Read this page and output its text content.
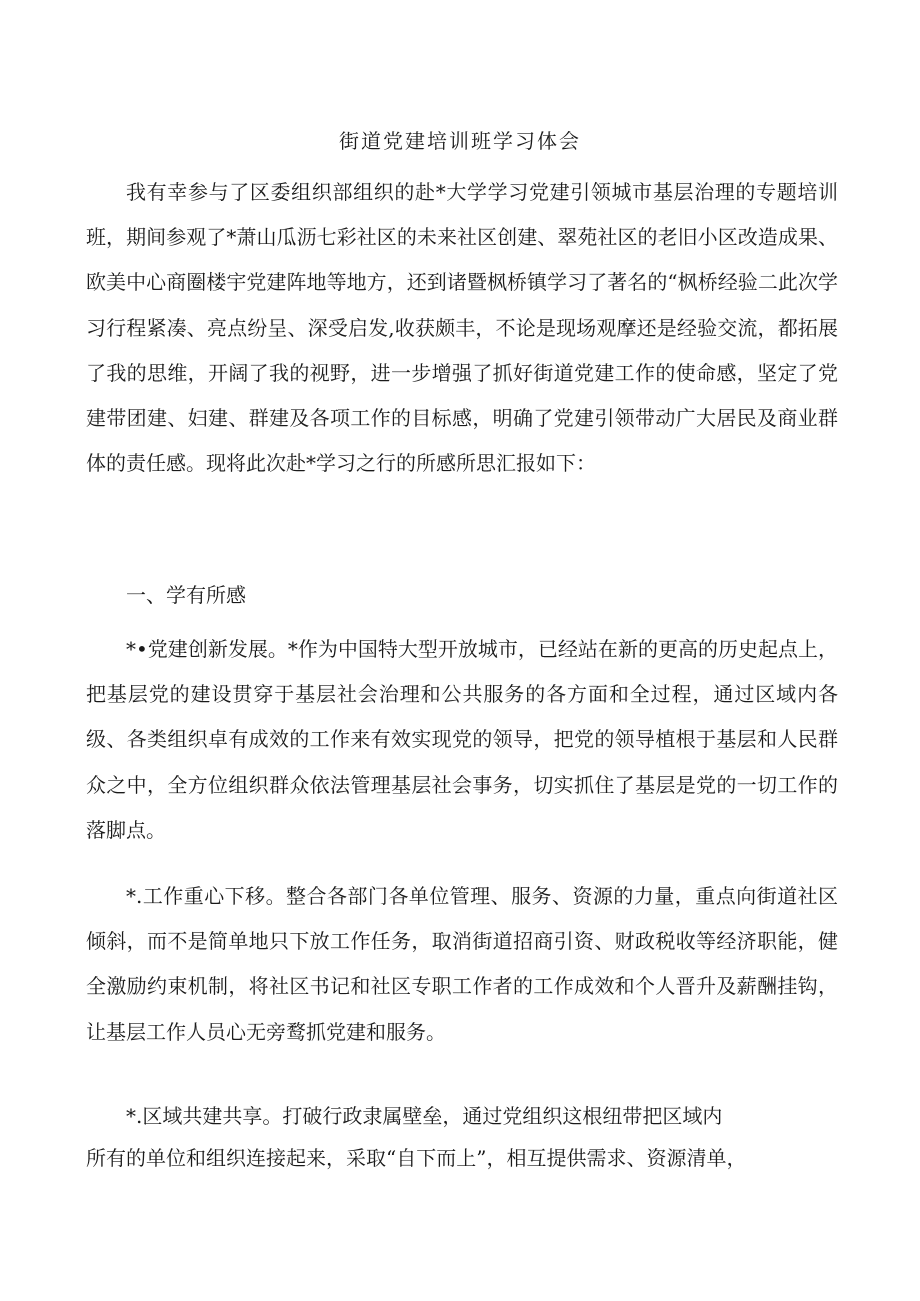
街道党建培训班学习体会

我有幸参与了区委组织部组织的赴*大学学习党建引领城市基层治理的专题培训班，期间参观了*萧山瓜沥七彩社区的未来社区创建、翠苑社区的老旧小区改造成果、欧美中心商圈楼宇党建阵地等地方，还到诸暨枫桥镇学习了著名的“枫桥经验二此次学习行程紧凑、亮点纷呈、深受启发,收获颇丰，不论是现场观摩还是经验交流，都拓展了我的思维，开阔了我的视野，进一步增强了抓好街道党建工作的使命感，坚定了党建带团建、妇建、群建及各项工作的目标感，明确了党建引领带动广大居民及商业群体的责任感。现将此次赴*学习之行的所感所思汇报如下：

一、学有所感

*•党建创新发展。*作为中国特大型开放城市，已经站在新的更高的历史起点上，把基层党的建设贯穿于基层社会治理和公共服务的各方面和全过程，通过区域内各级、各类组织卓有成效的工作来有效实现党的领导，把党的领导植根于基层和人民群众之中，全方位组织群众依法管理基层社会事务，切实抓住了基层是党的一切工作的落脚点。

*.工作重心下移。整合各部门各单位管理、服务、资源的力量，重点向街道社区倾斜，而不是简单地只下放工作任务，取消街道招商引资、财政税收等经济职能，健全激励约束机制，将社区书记和社区专职工作者的工作成效和个人晋升及薪酬挂钩，让基层工作人员心无旁鹜抓党建和服务。

*.区域共建共享。打破行政隶属壁垒，通过党组织这根纽带把区域内
所有的单位和组织连接起来，采取“自下而上”，相互提供需求、资源清单，
